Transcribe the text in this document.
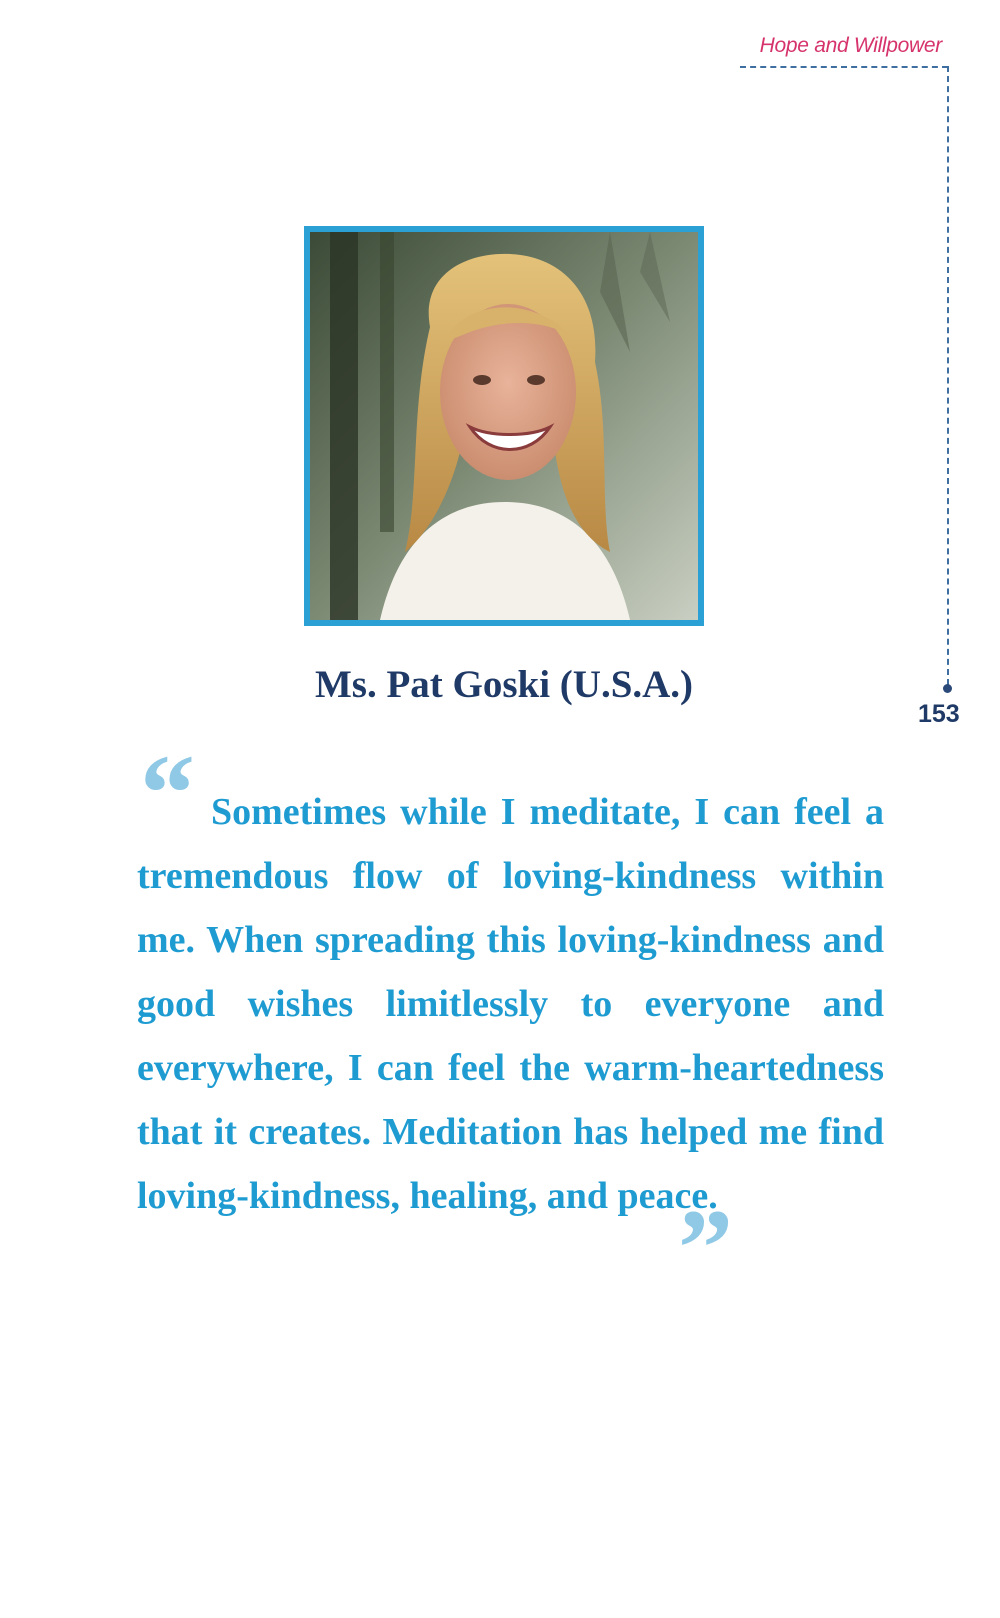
Hope and Willpower
153
Ms. Pat Goski (U.S.A.)
“ Sometimes while I meditate, I can feel a tremendous flow of loving-kindness within me. When spreading this loving-kindness and good wishes limitlessly to everyone and everywhere, I can feel the warm-heartedness that it creates. Meditation has helped me find loving-kindness, healing, and peace.

”
